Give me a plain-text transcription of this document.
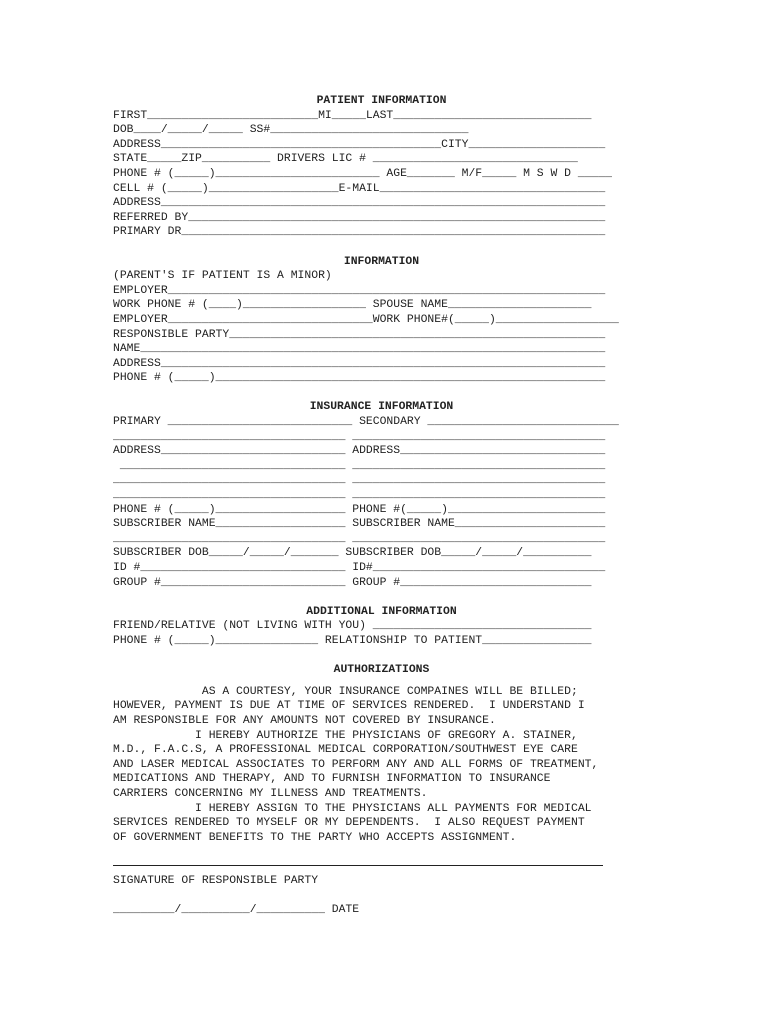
PATIENT INFORMATION
FIRST_________________________MI_____LAST_____________________________
DOB____/_____/_____ SS#_____________________________
ADDRESS_________________________________________CITY____________________
STATE_____ZIP__________ DRIVERS LIC # ______________________________
PHONE # (_____)________________________ AGE_______ M/F_____ M S W D _____
CELL # (_____)___________________E-MAIL_________________________________
ADDRESS_________________________________________________________________
REFERRED BY_____________________________________________________________
PRIMARY DR______________________________________________________________
INFORMATION
(PARENT'S IF PATIENT IS A MINOR)
EMPLOYER________________________________________________________________
WORK PHONE # (____)__________________ SPOUSE NAME_____________________
EMPLOYER______________________________WORK PHONE#(_____)__________________
RESPONSIBLE PARTY_______________________________________________________
NAME____________________________________________________________________
ADDRESS_________________________________________________________________
PHONE # (_____)_________________________________________________________
INSURANCE INFORMATION
PRIMARY ___________________________ SECONDARY ____________________________
__________________________________ _____________________________________
ADDRESS___________________________ ADDRESS______________________________
_________________________________ _____________________________________
__________________________________ _____________________________________
__________________________________ _____________________________________
PHONE # (_____)___________________ PHONE #(_____)_______________________
SUBSCRIBER NAME___________________ SUBSCRIBER NAME______________________
__________________________________ _____________________________________
SUBSCRIBER DOB_____/_____/_______ SUBSCRIBER DOB_____/_____/__________
ID #______________________________ ID#__________________________________
GROUP #___________________________ GROUP #____________________________
ADDITIONAL INFORMATION
FRIEND/RELATIVE (NOT LIVING WITH YOU) ________________________________
PHONE # (_____)_______________ RELATIONSHIP TO PATIENT________________
AUTHORIZATIONS
AS A COURTESY, YOUR INSURANCE COMPAINES WILL BE BILLED;
HOWEVER, PAYMENT IS DUE AT TIME OF SERVICES RENDERED.  I UNDERSTAND I
AM RESPONSIBLE FOR ANY AMOUNTS NOT COVERED BY INSURANCE.
I HEREBY AUTHORIZE THE PHYSICIANS OF GREGORY A. STAINER,
M.D., F.A.C.S, A PROFESSIONAL MEDICAL CORPORATION/SOUTHWEST EYE CARE
AND LASER MEDICAL ASSOCIATES TO PERFORM ANY AND ALL FORMS OF TREATMENT,
MEDICATIONS AND THERAPY, AND TO FURNISH INFORMATION TO INSURANCE
CARRIERS CONCERNING MY ILLNESS AND TREATMENTS.
I HEREBY ASSIGN TO THE PHYSICIANS ALL PAYMENTS FOR MEDICAL
SERVICES RENDERED TO MYSELF OR MY DEPENDENTS.  I ALSO REQUEST PAYMENT
OF GOVERNMENT BENEFITS TO THE PARTY WHO ACCEPTS ASSIGNMENT.
SIGNATURE OF RESPONSIBLE PARTY
_________/__________/__________ DATE
